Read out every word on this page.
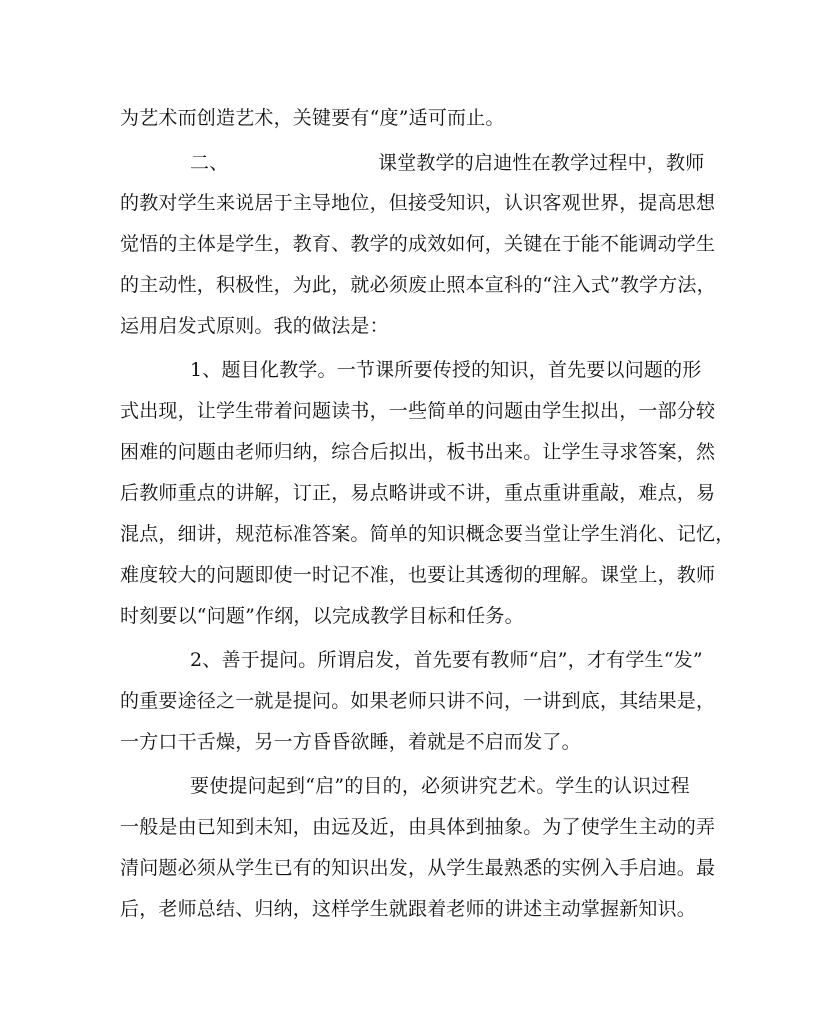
为艺术而创造艺术，关键要有“度”适可而止。
二、	课堂教学的启迪性在教学过程中，教师
的教对学生来说居于主导地位，但接受知识，认识客观世界，提高思想
觉悟的主体是学生，教育、教学的成效如何，关键在于能不能调动学生
的主动性，积极性，为此，就必须废止照本宣科的“注入式”教学方法，
运用启发式原则。我的做法是：
1、题目化教学。一节课所要传授的知识，首先要以问题的形
式出现，让学生带着问题读书，一些简单的问题由学生拟出，一部分较
困难的问题由老师归纳，综合后拟出，板书出来。让学生寻求答案，然
后教师重点的讲解，订正，易点略讲或不讲，重点重讲重敲，难点，易
混点，细讲，规范标准答案。简单的知识概念要当堂让学生消化、记忆，
难度较大的问题即使一时记不准，也要让其透彻的理解。课堂上，教师
时刻要以“问题”作纲，以完成教学目标和任务。
2、善于提问。所谓启发，首先要有教师“启”，才有学生“发”
的重要途径之一就是提问。如果老师只讲不问，一讲到底，其结果是，
一方口干舌燥，另一方昏昏欲睡，着就是不启而发了。
要使提问起到“启”的目的，必须讲究艺术。学生的认识过程
一般是由已知到未知，由远及近，由具体到抽象。为了使学生主动的弄
清问题必须从学生已有的知识出发，从学生最熟悉的实例入手启迪。最
后，老师总结、归纳，这样学生就跟着老师的讲述主动掌握新知识。
